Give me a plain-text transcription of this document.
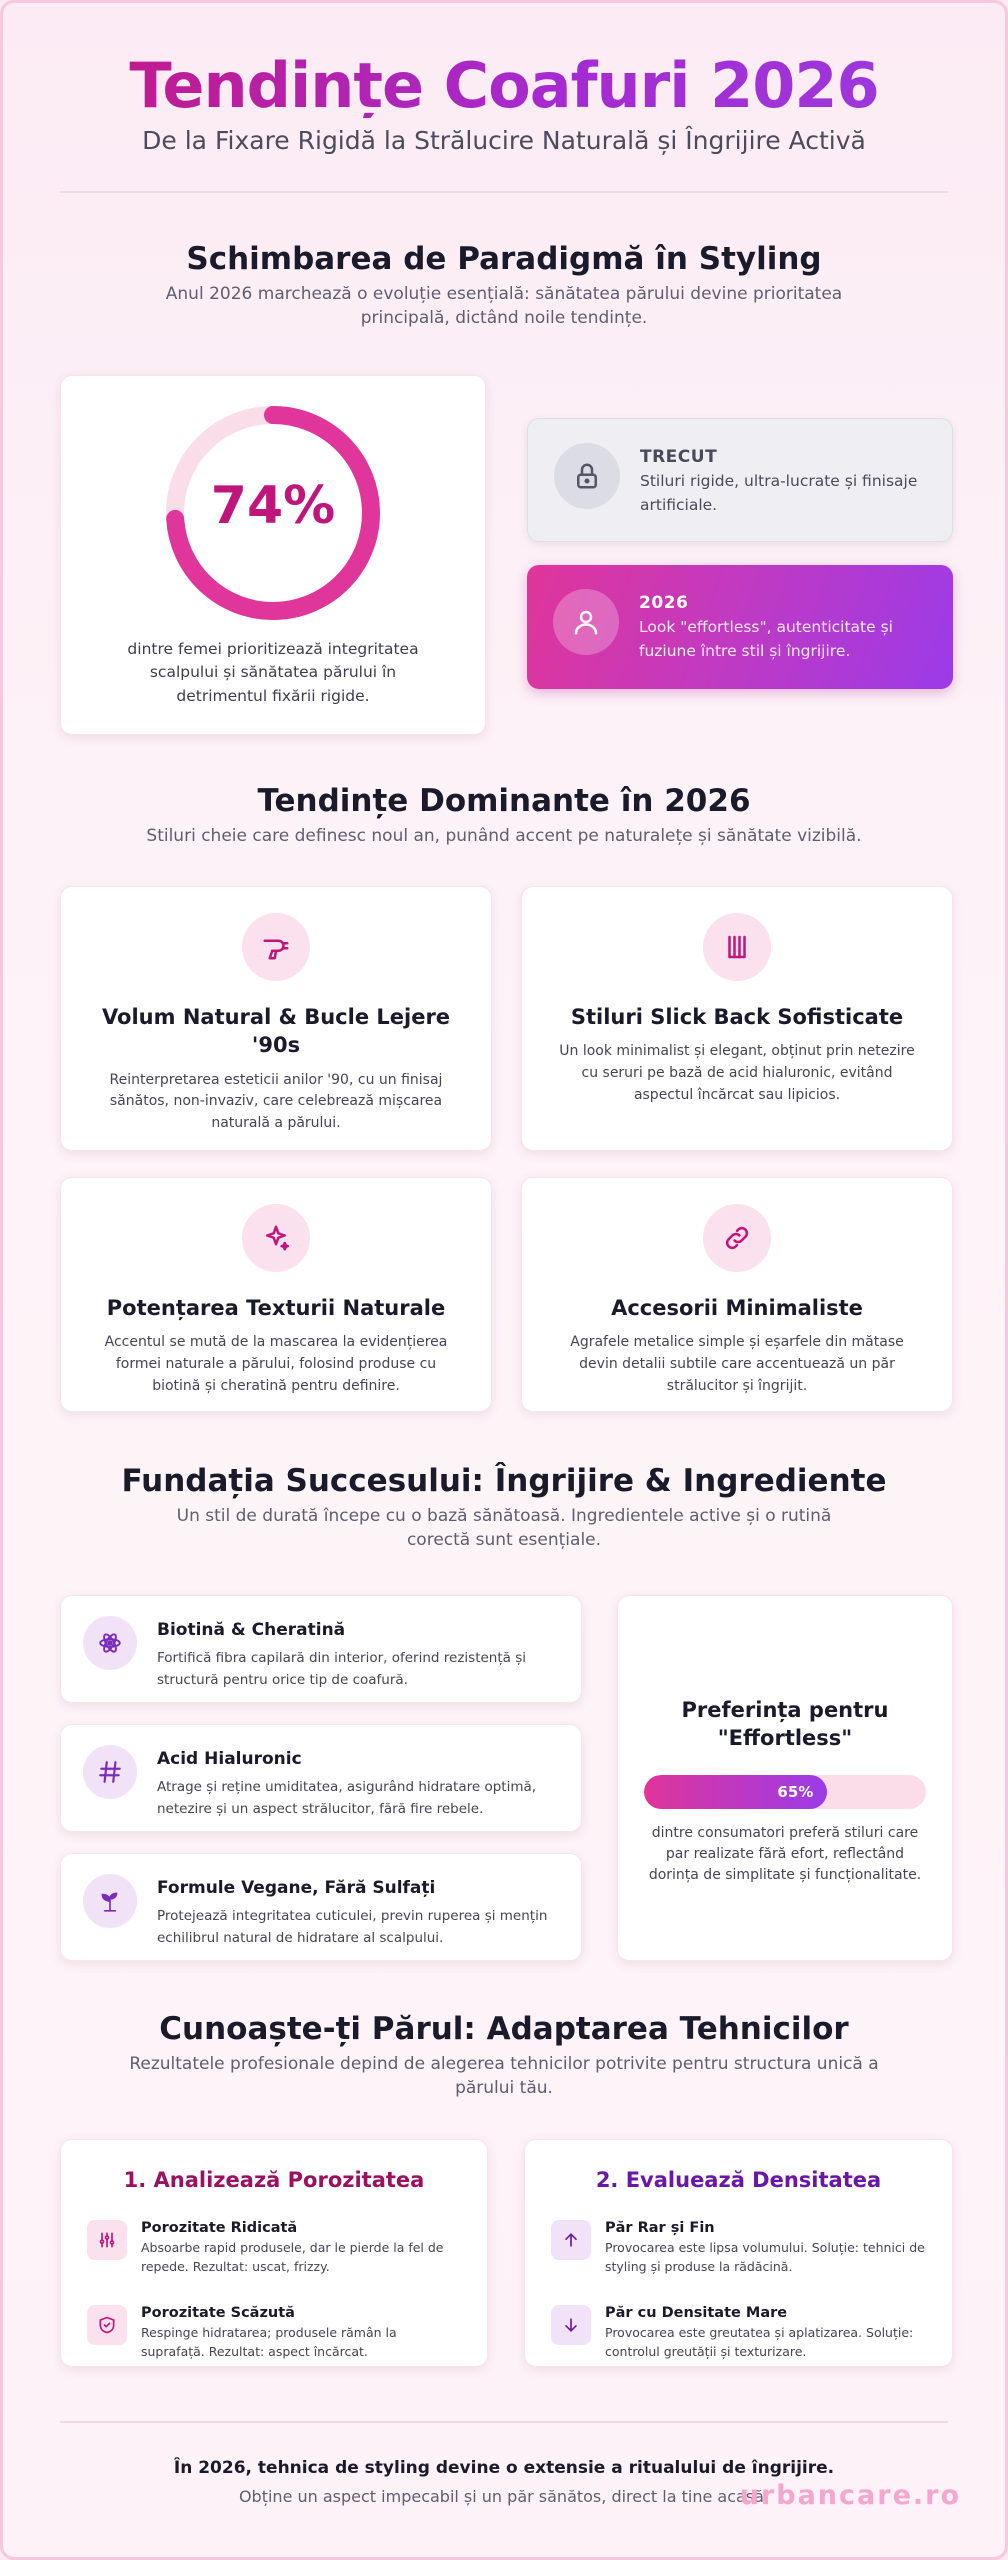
Tendințe Coafuri 2026

De la Fixare Rigidă la Strălucire Naturală și Îngrijire Activă

Schimbarea de Paradigmă în Styling
Anul 2026 marchează o evoluție esențială: sănătatea părului devine prioritatea principală, dictând noile tendințe.
74%
dintre femei prioritizează integritatea scalpului și sănătatea părului în detrimentul fixării rigide.
TRECUT
Stiluri rigide, ultra-lucrate și finisaje artificiale.
2026
Look "effortless", autenticitate și fuziune între stil și îngrijire.
Tendințe Dominante în 2026
Stiluri cheie care definesc noul an, punând accent pe naturalețe și sănătate vizibilă.
Volum Natural & Bucle Lejere '90s
Reinterpretarea esteticii anilor '90, cu un finisaj sănătos, non-invaziv, care celebrează mișcarea naturală a părului.
Stiluri Slick Back Sofisticate
Un look minimalist și elegant, obținut prin netezire cu seruri pe bază de acid hialuronic, evitând aspectul încărcat sau lipicios.
Potențarea Texturii Naturale
Accentul se mută de la mascarea la evidențierea formei naturale a părului, folosind produse cu biotină și cheratină pentru definire.
Accesorii Minimaliste
Agrafele metalice simple și eșarfele din mătase devin detalii subtile care accentuează un păr strălucitor și îngrijit.
Fundația Succesului: Îngrijire & Ingrediente
Un stil de durată începe cu o bază sănătoasă. Ingredientele active și o rutină corectă sunt esențiale.
Biotină & Cheratină
Fortifică fibra capilară din interior, oferind rezistență și structură pentru orice tip de coafură.
Acid Hialuronic
Atrage și reține umiditatea, asigurând hidratare optimă, netezire și un aspect strălucitor, fără fire rebele.
Formule Vegane, Fără Sulfați
Protejează integritatea cuticulei, previn ruperea și mențin echilibrul natural de hidratare al scalpului.
Preferința pentru "Effortless"
65%
dintre consumatori preferă stiluri care par realizate fără efort, reflectând dorința de simplitate și funcționalitate.
Cunoaște-ți Părul: Adaptarea Tehnicilor
Rezultatele profesionale depind de alegerea tehnicilor potrivite pentru structura unică a părului tău.
1. Analizează Porozitatea
Porozitate Ridicată
Absoarbe rapid produsele, dar le pierde la fel de repede. Rezultat: uscat, frizzy.
Porozitate Scăzută
Respinge hidratarea; produsele rămân la suprafață. Rezultat: aspect încărcat.
2. Evaluează Densitatea
Păr Rar și Fin
Provocarea este lipsa volumului. Soluție: tehnici de styling și produse la rădăcină.
Păr cu Densitate Mare
Provocarea este greutatea și aplatizarea. Soluție: controlul greutății și texturizare.
În 2026, tehnica de styling devine o extensie a ritualului de îngrijire.
Obține un aspect impecabil și un păr sănătos, direct la tine acasă.
urbancare.ro
